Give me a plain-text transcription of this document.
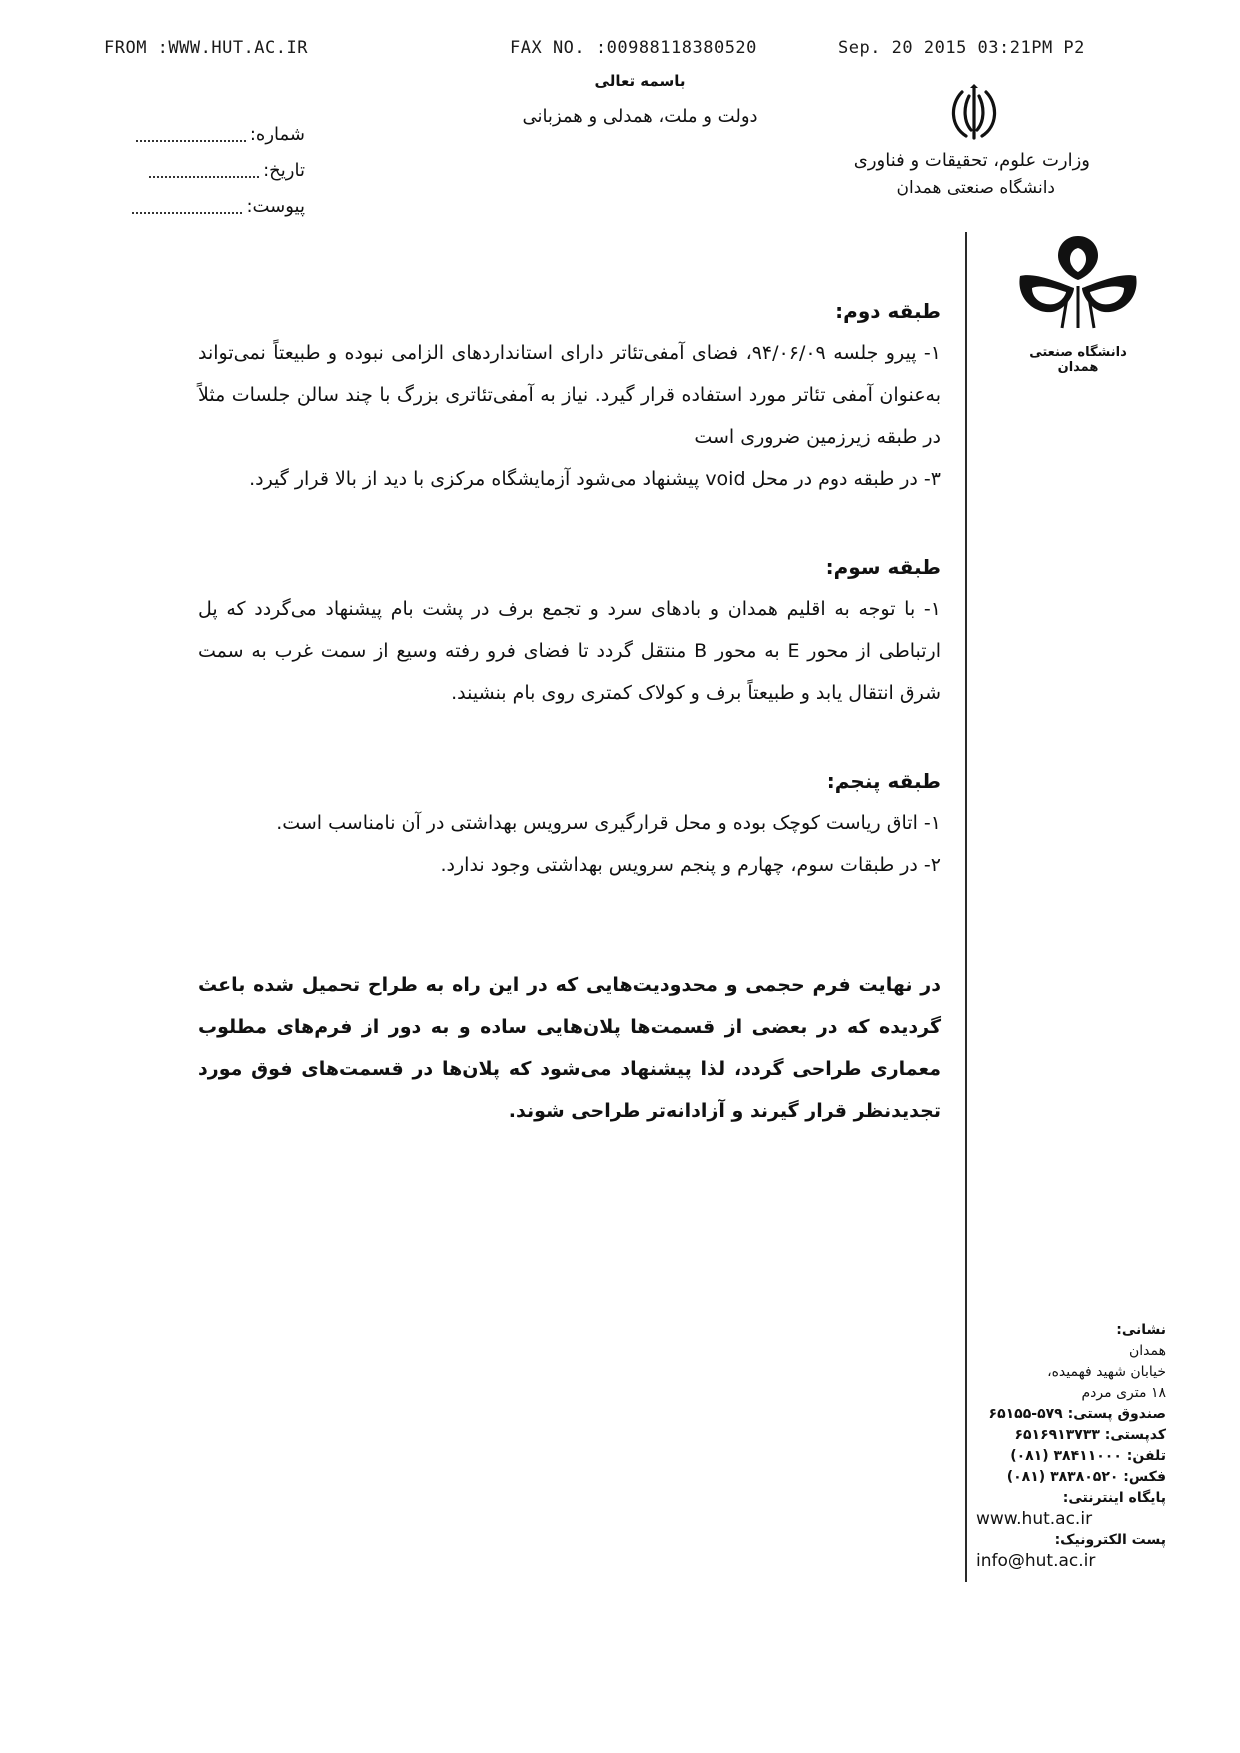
FROM :WWW.HUT.AC.IR	FAX NO. :00988118380520	Sep. 20 2015 03:21PM P2
باسمه تعالی
دولت و ملت، همدلی و همزبانی
شماره:
تاریخ:
پیوست:
وزارت علوم، تحقیقات و فناوری
دانشگاه صنعتی همدان
دانشگاه صنعتی همدان
طبقه دوم:

۱- پیرو جلسه ۹۴/۰۶/۰۹، فضای آمفی‌تئاتر دارای استانداردهای الزامی نبوده و طبیعتاً نمی‌تواند به‌عنوان آمفی تئاتر مورد استفاده قرار گیرد. نیاز به آمفی‌تئاتری بزرگ با چند سالن جلسات مثلاً در طبقه زیرزمین ضروری است

۳- در طبقه دوم در محل void پیشنهاد می‌شود آزمایشگاه مرکزی با دید از بالا قرار گیرد.

طبقه سوم:

۱- با توجه به اقلیم همدان و بادهای سرد و تجمع برف در پشت بام پیشنهاد می‌گردد که پل ارتباطی از محور E به محور B منتقل گردد تا فضای فرو رفته وسیع از سمت غرب به سمت شرق انتقال یابد و طبیعتاً برف و کولاک کمتری روی بام بنشیند.

طبقه پنجم:

۱- اتاق ریاست کوچک بوده و محل قرارگیری سرویس بهداشتی در آن نامناسب است.

۲- در طبقات سوم، چهارم و پنجم سرویس بهداشتی وجود ندارد.

در نهایت فرم حجمی و محدودیت‌هایی که در این راه به طراح تحمیل شده باعث گردیده که در بعضی از قسمت‌ها پلان‌هایی ساده و به دور از فرم‌های مطلوب معماری طراحی گردد، لذا پیشنهاد می‌شود که پلان‌ها در قسمت‌های فوق مورد تجدیدنظر قرار گیرند و آزادانه‌تر طراحی شوند.

نشانی:
همدان
خیابان شهید فهمیده،
۱۸ متری مردم
صندوق پستی: ۵۷۹-۶۵۱۵۵
کدپستی: ۶۵۱۶۹۱۳۷۳۳
تلفن: ۳۸۴۱۱۰۰۰ (۰۸۱)
فکس: ۳۸۳۸۰۵۲۰ (۰۸۱)
پایگاه اینترنتی:
www.hut.ac.ir
پست الکترونیک:
info@hut.ac.ir
